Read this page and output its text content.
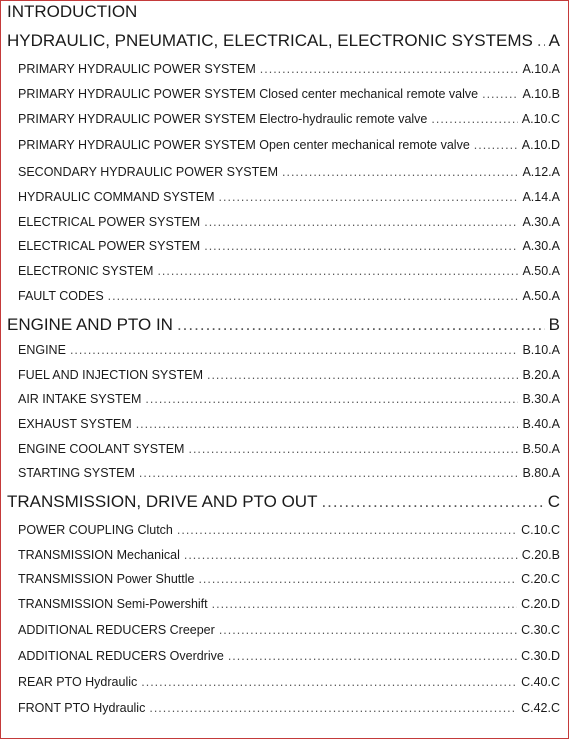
INTRODUCTION
HYDRAULIC, PNEUMATIC, ELECTRICAL, ELECTRONIC SYSTEMS ..... A
PRIMARY HYDRAULIC POWER SYSTEM .....	A.10.A
PRIMARY HYDRAULIC POWER SYSTEM Closed center mechanical remote valve .....	A.10.B
PRIMARY HYDRAULIC POWER SYSTEM Electro-hydraulic remote valve .....	A.10.C
PRIMARY HYDRAULIC POWER SYSTEM Open center mechanical remote valve .....	A.10.D
SECONDARY HYDRAULIC POWER SYSTEM .....	A.12.A
HYDRAULIC COMMAND SYSTEM .....	A.14.A
ELECTRICAL POWER SYSTEM .....	A.30.A
ELECTRICAL POWER SYSTEM .....	A.30.A
ELECTRONIC SYSTEM .....	A.50.A
FAULT CODES .....	A.50.A
ENGINE AND PTO IN .....	B
ENGINE .....	B.10.A
FUEL AND INJECTION SYSTEM .....	B.20.A
AIR INTAKE SYSTEM .....	B.30.A
EXHAUST SYSTEM .....	B.40.A
ENGINE COOLANT SYSTEM .....	B.50.A
STARTING SYSTEM .....	B.80.A
TRANSMISSION, DRIVE AND PTO OUT .....	C
POWER COUPLING Clutch .....	C.10.C
TRANSMISSION Mechanical .....	C.20.B
TRANSMISSION Power Shuttle .....	C.20.C
TRANSMISSION Semi-Powershift .....	C.20.D
ADDITIONAL REDUCERS Creeper .....	C.30.C
ADDITIONAL REDUCERS Overdrive .....	C.30.D
REAR PTO Hydraulic .....	C.40.C
FRONT PTO Hydraulic .....	C.42.C
